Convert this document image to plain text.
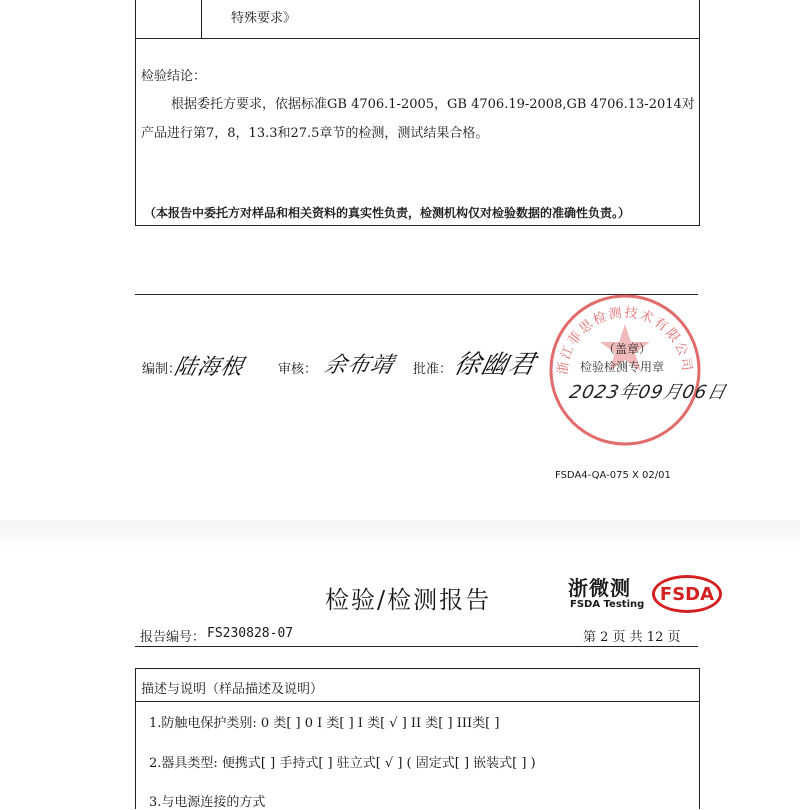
特殊要求》
检验结论：
根据委托方要求，依据标准GB 4706.1-2005，GB 4706.19-2008,GB 4706.13-2014对
产品进行第7，8，13.3和27.5章节的检测，测试结果合格。
（本报告中委托方对样品和相关资料的真实性负责，检测机构仅对检验数据的准确性负责。）
编制：
陆海根 审核： 余布靖 批准： 徐幽君 浙江菲思检测技术有限公司
（盖章）
检验检测专用章
2023年09月06日
FSDA4-QA-075 X 02/01
检验/检测报告	浙微测
FSDA Testing FSDA
报告编号： FS230828-07	第 2 页 共 12 页
描述与说明（样品描述及说明）
1.防触电保护类别: 0 类[ ] 0 I 类[ ] I 类[ √ ] II 类[ ] III类[ ]
2.器具类型: 便携式[ ] 手持式[ ] 驻立式[ √ ] ( 固定式[ ] 嵌装式[ ] )
3.与电源连接的方式
